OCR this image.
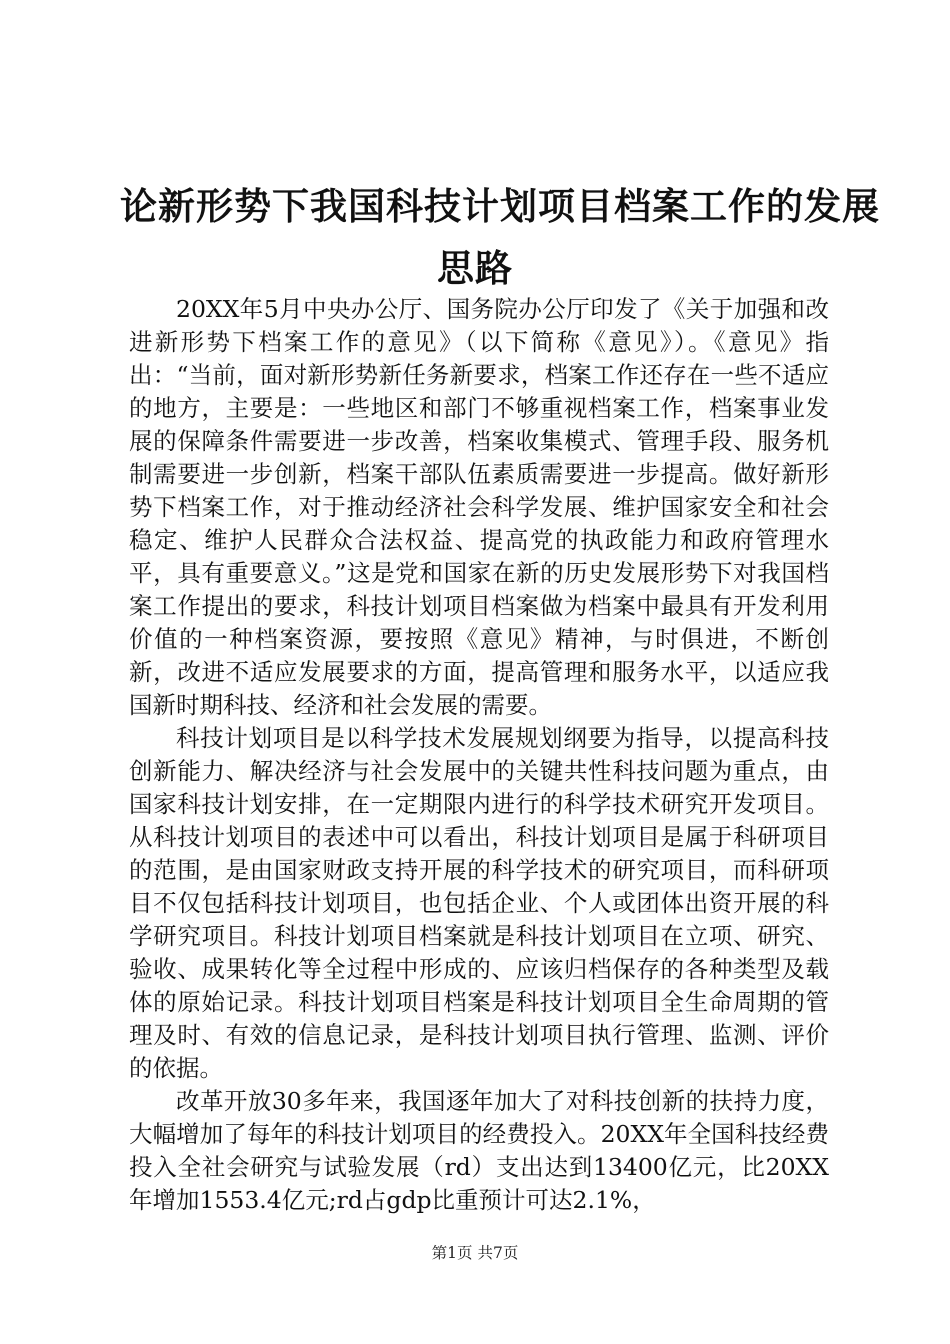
论新形势下我国科技计划项目档案工作的发展
思路

20XX年5月中央办公厅、国务院办公厅印发了《关于加强和改进新形势下档案工作的意见》（以下简称《意见》）。《意见》指出：“当前，面对新形势新任务新要求，档案工作还存在一些不适应的地方，主要是：一些地区和部门不够重视档案工作，档案事业发展的保障条件需要进一步改善，档案收集模式、管理手段、服务机制需要进一步创新，档案干部队伍素质需要进一步提高。做好新形势下档案工作，对于推动经济社会科学发展、维护国家安全和社会稳定、维护人民群众合法权益、提高党的执政能力和政府管理水平，具有重要意义。”这是党和国家在新的历史发展形势下对我国档案工作提出的要求，科技计划项目档案做为档案中最具有开发利用价值的一种档案资源，要按照《意见》精神，与时俱进，不断创新，改进不适应发展要求的方面，提高管理和服务水平，以适应我国新时期科技、经济和社会发展的需要。

科技计划项目是以科学技术发展规划纲要为指导，以提高科技创新能力、解决经济与社会发展中的关键共性科技问题为重点，由国家科技计划安排，在一定期限内进行的科学技术研究开发项目。从科技计划项目的表述中可以看出，科技计划项目是属于科研项目的范围，是由国家财政支持开展的科学技术的研究项目，而科研项目不仅包括科技计划项目，也包括企业、个人或团体出资开展的科学研究项目。科技计划项目档案就是科技计划项目在立项、研究、验收、成果转化等全过程中形成的、应该归档保存的各种类型及载体的原始记录。科技计划项目档案是科技计划项目全生命周期的管理及时、有效的信息记录，是科技计划项目执行管理、监测、评价的依据。

改革开放30多年来，我国逐年加大了对科技创新的扶持力度，大幅增加了每年的科技计划项目的经费投入。20XX年全国科技经费投入全社会研究与试验发展（rd）支出达到13400亿元，比20XX年增加1553.4亿元;rd占gdp比重预计可达2.1%，

第1页 共7页
